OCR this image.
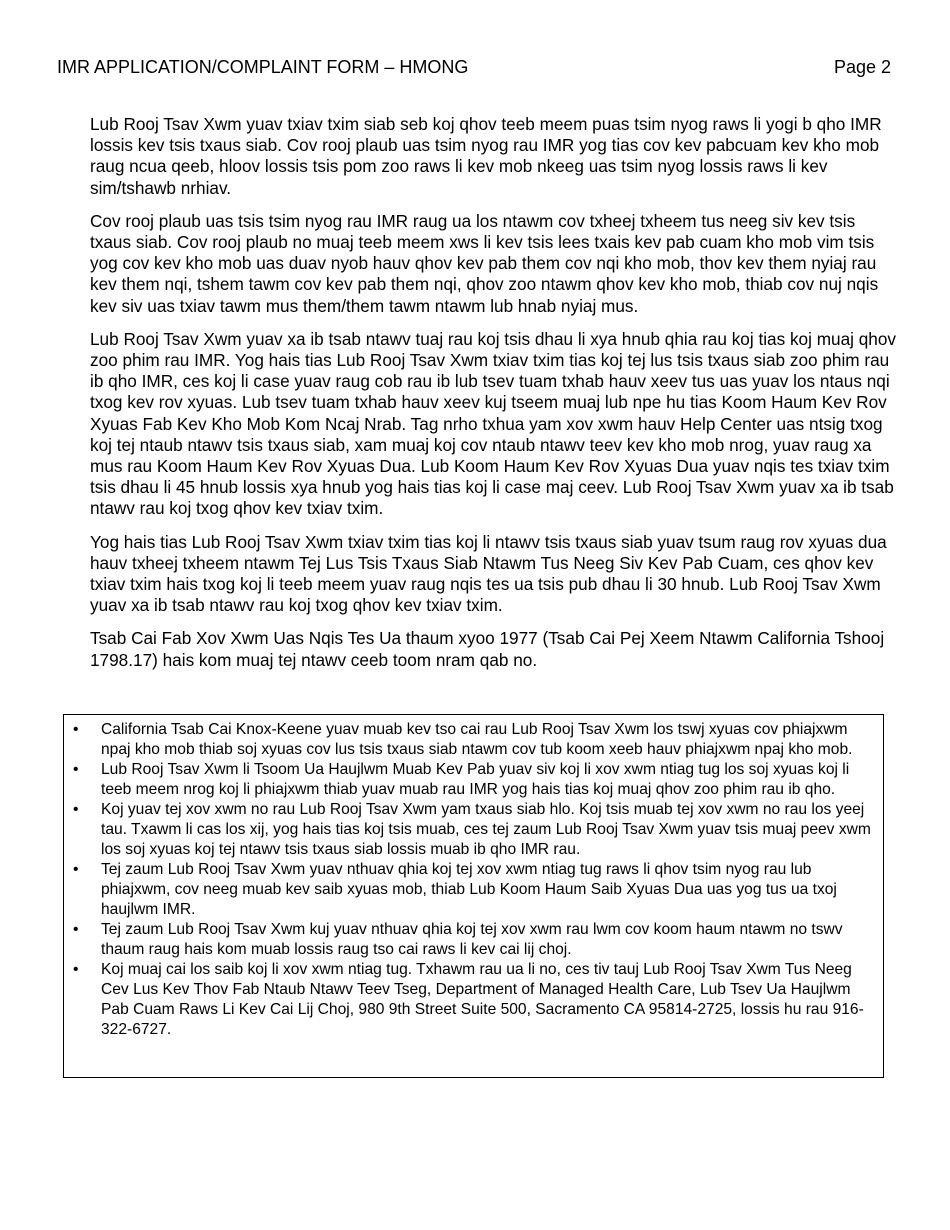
IMR APPLICATION/COMPLAINT FORM – HMONG	Page 2

Lub Rooj Tsav Xwm yuav txiav txim siab seb koj qhov teeb meem puas tsim nyog raws li yogi b qho IMR lossis kev tsis txaus siab. Cov rooj plaub uas tsim nyog rau IMR yog tias cov kev pabcuam kev kho mob raug ncua qeeb, hloov lossis tsis pom zoo raws li kev mob nkeeg uas tsim nyog lossis raws li kev sim/tshawb nrhiav.

Cov rooj plaub uas tsis tsim nyog rau IMR raug ua los ntawm cov txheej txheem tus neeg siv kev tsis txaus siab. Cov rooj plaub no muaj teeb meem xws li kev tsis lees txais kev pab cuam kho mob vim tsis yog cov kev kho mob uas duav nyob hauv qhov kev pab them cov nqi kho mob, thov kev them nyiaj rau kev them nqi, tshem tawm cov kev pab them nqi, qhov zoo ntawm qhov kev kho mob, thiab cov nuj nqis kev siv uas txiav tawm mus them/them tawm ntawm lub hnab nyiaj mus.

Lub Rooj Tsav Xwm yuav xa ib tsab ntawv tuaj rau koj tsis dhau li xya hnub qhia rau koj tias koj muaj qhov zoo phim rau IMR. Yog hais tias Lub Rooj Tsav Xwm txiav txim tias koj tej lus tsis txaus siab zoo phim rau ib qho IMR, ces koj li case yuav raug cob rau ib lub tsev tuam txhab hauv xeev tus uas yuav los ntaus nqi txog kev rov xyuas. Lub tsev tuam txhab hauv xeev kuj tseem muaj lub npe hu tias Koom Haum Kev Rov Xyuas Fab Kev Kho Mob Kom Ncaj Nrab. Tag nrho txhua yam xov xwm hauv Help Center uas ntsig txog koj tej ntaub ntawv tsis txaus siab, xam muaj koj cov ntaub ntawv teev kev kho mob nrog, yuav raug xa mus rau Koom Haum Kev Rov Xyuas Dua. Lub Koom Haum Kev Rov Xyuas Dua yuav nqis tes txiav txim tsis dhau li 45 hnub lossis xya hnub yog hais tias koj li case maj ceev. Lub Rooj Tsav Xwm yuav xa ib tsab ntawv rau koj txog qhov kev txiav txim.

Yog hais tias Lub Rooj Tsav Xwm txiav txim tias koj li ntawv tsis txaus siab yuav tsum raug rov xyuas dua hauv txheej txheem ntawm Tej Lus Tsis Txaus Siab Ntawm Tus Neeg Siv Kev Pab Cuam, ces qhov kev txiav txim hais txog koj li teeb meem yuav raug nqis tes ua tsis pub dhau li 30 hnub. Lub Rooj Tsav Xwm yuav xa ib tsab ntawv rau koj txog qhov kev txiav txim.

Tsab Cai Fab Xov Xwm Uas Nqis Tes Ua thaum xyoo 1977 (Tsab Cai Pej Xeem Ntawm California Tshooj 1798.17) hais kom muaj tej ntawv ceeb toom nram qab no.

• California Tsab Cai Knox-Keene yuav muab kev tso cai rau Lub Rooj Tsav Xwm los tswj xyuas cov phiajxwm npaj kho mob thiab soj xyuas cov lus tsis txaus siab ntawm cov tub koom xeeb hauv phiajxwm npaj kho mob.
• Lub Rooj Tsav Xwm li Tsoom Ua Haujlwm Muab Kev Pab yuav siv koj li xov xwm ntiag tug los soj xyuas koj li teeb meem nrog koj li phiajxwm thiab yuav muab rau IMR yog hais tias koj muaj qhov zoo phim rau ib qho.
• Koj yuav tej xov xwm no rau Lub Rooj Tsav Xwm yam txaus siab hlo. Koj tsis muab tej xov xwm no rau los yeej tau. Txawm li cas los xij, yog hais tias koj tsis muab, ces tej zaum Lub Rooj Tsav Xwm yuav tsis muaj peev xwm los soj xyuas koj tej ntawv tsis txaus siab lossis muab ib qho IMR rau.
• Tej zaum Lub Rooj Tsav Xwm yuav nthuav qhia koj tej xov xwm ntiag tug raws li qhov tsim nyog rau lub phiajxwm, cov neeg muab kev saib xyuas mob, thiab Lub Koom Haum Saib Xyuas Dua uas yog tus ua txoj haujlwm IMR.
• Tej zaum Lub Rooj Tsav Xwm kuj yuav nthuav qhia koj tej xov xwm rau lwm cov koom haum ntawm no tswv thaum raug hais kom muab lossis raug tso cai raws li kev cai lij choj.
• Koj muaj cai los saib koj li xov xwm ntiag tug. Txhawm rau ua li no, ces tiv tauj Lub Rooj Tsav Xwm Tus Neeg Cev Lus Kev Thov Fab Ntaub Ntawv Teev Tseg, Department of Managed Health Care, Lub Tsev Ua Haujlwm Pab Cuam Raws Li Kev Cai Lij Choj, 980 9th Street Suite 500, Sacramento CA 95814-2725, lossis hu rau 916-322-6727.
